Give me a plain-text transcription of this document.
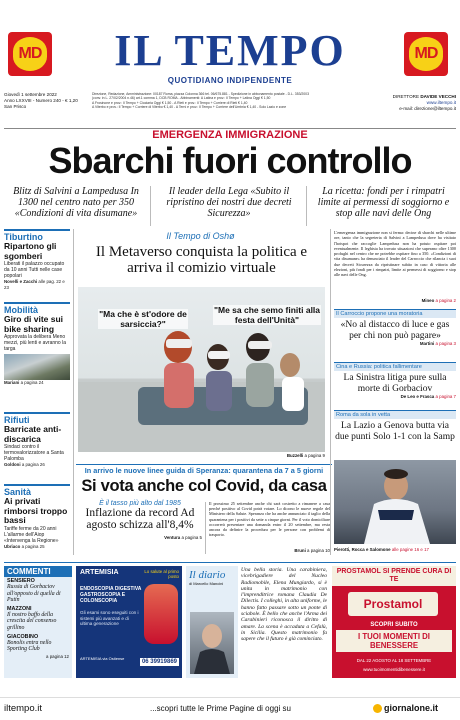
MD	MD
IL TEMPO
QUOTIDIANO INDIPENDENTE
Giovedì 1 settembre 2022
Anno LXXVIII - Numero 240 - € 1,20
San Prisco
Direzione, Redazione, Amministrazione: 00187 Roma, piazza Colonna 366 tel. 06/675.881 - Spedizione in abbonamento postale - D.L. 353/2003
(conv. in L. 27/02/2004 n.46) art.1 comma 1, DCB ROMA - Abbinamenti: A Latina e prov.: Il Tempo + Latina Oggi € 1,50
A Frosinone e prov.: Il Tempo + Ciociaria Oggi € 1,50 - A Rieti e prov.: Il Tempo + Corriere di Rieti € 1,40
A Viterbo e prov.: Il Tempo + Corriere di Viterbo € 1,40 - A Terni e prov.: Il Tempo + Corriere dell'Umbria € 1,40 - Solo Lazio e zone
DIRETTORE DAVIDE VECCHI
www.iltempo.it
e-mail: direzione@iltempo.it
EMERGENZA IMMIGRAZIONE
Sbarchi fuori controllo
Blitz di Salvini a Lampedusa In 1300 nel centro nato per 350 «Condizioni di vita disumane»
Il leader della Lega «Subito il ripristino dei nostri due decreti Sicurezza»
La ricetta: fondi per i rimpatri limite ai permessi di soggiorno e stop alle navi delle Ong
Tiburtino
Ripartono gli sgomberi
Liberati il palazzo occupato da 10 anni Tutti nelle case popolari
Novelli e Zacchi alle pag. 22 e 23
Mobilità
Giro di vite sui bike sharing
Approvata la delibera Meno mezzi, più lenti e avranno la targa
Mariani a pagina 24
Rifiuti
Barricate anti-discarica
Sindaci contro il termovalorizzatore a Santa Palomba
Goldoni a pagina 26
Sanità
Ai privati rimborsi troppo bassi
Tariffe ferme da 20 anni L'allarme dell'Aiop «Intervenga la Regione»
Ubriaco a pagina 25
Il Tempo di Oshø
Il Metaverso conquista la politica e arriva il comizio virtuale
"Ma che è st'odore de sarsiccia?"
"Me sa che semo finiti alla festa dell'Unità"
Buzzelli a pagina 9
In arrivo le nuove linee guida di Speranza: quarantena da 7 a 5 giorni
Si vota anche col Covid, da casa
È il tasso più alto dal 1985
Inflazione da record Ad agosto schizza all'8,4%
Ventura a pagina 5
Il prossimo 25 settembre anche chi sarà costretto a rimanere a casa perché positivo al Covid potrà votare. Lo dicono le nuove regole del Ministero della Salute. Speranza che ha anche annunciato il taglio della quarantena per i positivi da sette a cinque giorni. Per il voto domiciliare occorrerà presentare una domanda entro il 20 settembre, ma resta ancora da definire la procedura per le persone con problemi di trasporto.
Bruni a pagina 10
L'emergenza immigrazione non si ferma: decine di sbarchi nelle ultime ore, tanto che la segreteria di Salvini a Lampedusa dove ha visitato l'hotspot che raccoglie Lampedusa non ha potuto ospitare poi eventualmente. Il leghista ha trovato situazioni che superano oltre 1300 profughi nel centro che ne potrebbe ospitare fino a 350. «Condizioni di vita disumane» ha denunciato il leader del Carroccio che rilancia i suoi due decreti Sicurezza da ripristinare subito in caso di vittoria alle elezioni, più fondi per i rimpatri, limite ai permessi di soggiorno e stop alle navi delle Ong.
Mineo a pagina 2
Il Carroccio propone una moratoria
«No al distacco di luce e gas per chi non può pagare»
Martini a pagina 3
Cina e Russia: politica fallimentare
La Sinistra litiga pure sulla morte di Gorbaciov
De Leo e Frasca a pagina 7
Roma da sola in vetta
La Lazio a Genova butta via due punti Solo 1-1 con la Samp
Pierotti, Rocca e Salomone alle pagine 16 e 17
COMMENTI
SENSIERO
Russia di Gorbaciov all'opposto di quella di Putin
MAZZONI
Il nostro baffo della crescita del consenso grillino
GIACOBINO
Bonolis entra nello Sporting Club
a pagina 12
ARTEMISIA	Lo salute al primo posto
ENDOSCOPIA DIGESTIVA GASTROSCOPIA E COLONSCOPIA
Gli esami sono eseguiti con i sistemi più avanzati e di ultima generazione
ARTEMISIA via Ostiense
06 39919869
Il diario
di Marcello Mancini
Una bella storia. Una carabiniera, vicebrigadiere del Nucleo Radiomobile, Elena Mungiardo, si è unita in matrimonio con l'imprenditrice romana Claudia De Dilectis. I colleghi, in alta uniforme, le hanno fatto passare sotto un ponte di sciabole. È bello che anche l'Arma dei Carabinieri riconosca il diritto di amare. La scena è accaduta a Cefalù, in Sicilia. Questo matrimonio fa sapere che il futuro è già cominciato.
PROSTAMOL SI PRENDE CURA DI TE
Prostamol
SCOPRI SUBITO
I TUOI MOMENTI DI BENESSERE
DAL 22 AGOSTO AL 18 SETTEMBRE
www.tuoimomentidibenessere.it
iltempo.it	...scopri tutte le Prime Pagine di oggi su	giornalone.it
